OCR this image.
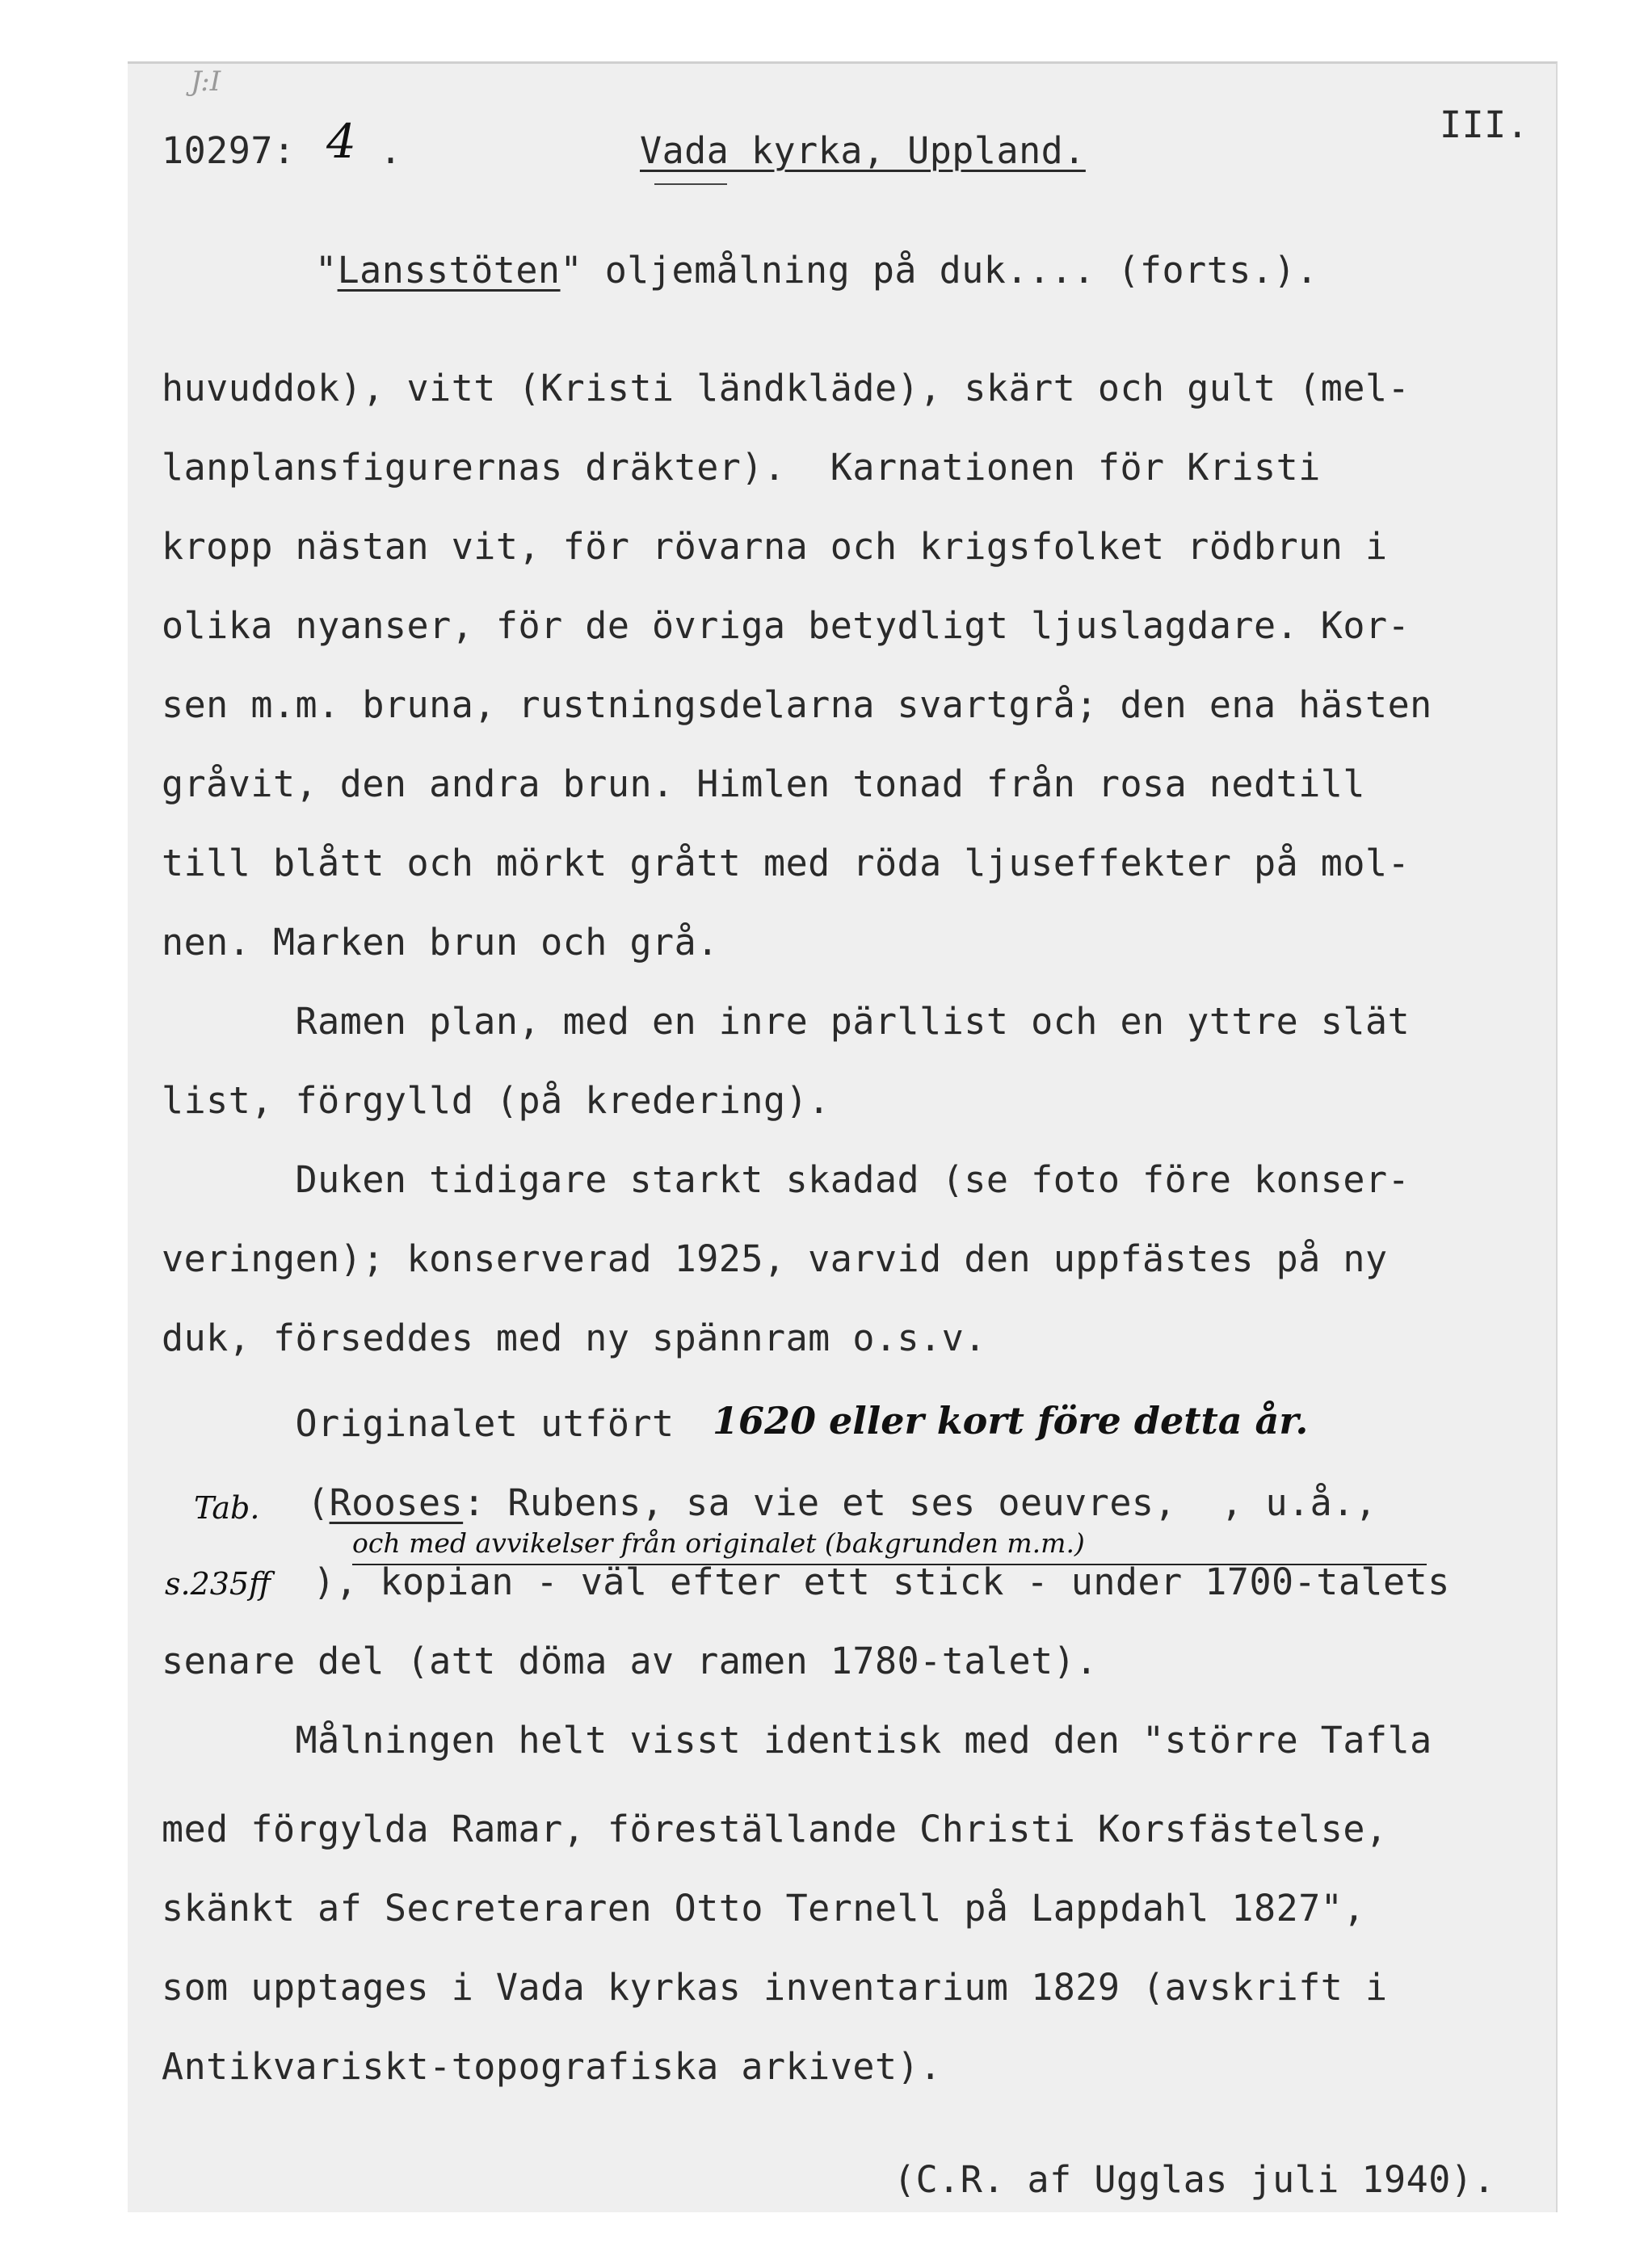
J:I
10297: 4 .	Vada kyrka, Uppland.
III.
"Lansstöten" oljemålning på duk.... (forts.).
huvuddok), vitt (Kristi ländkläde), skärt och gult (mel-
lanplansfigurernas dräkter).  Karnationen för Kristi
kropp nästan vit, för rövarna och krigsfolket rödbrun i
olika nyanser, för de övriga betydligt ljuslagdare. Kor-
sen m.m. bruna, rustningsdelarna svartgrå; den ena hästen
gråvit, den andra brun. Himlen tonad från rosa nedtill
till blått och mörkt grått med röda ljuseffekter på mol-
nen. Marken brun och grå.
Ramen plan, med en inre pärllist och en yttre slät
list, förgylld (på kredering).
Duken tidigare starkt skadad (se foto före konser-
veringen); konserverad 1925, varvid den uppfästes på ny
duk, förseddes med ny spännram o.s.v.
Originalet utfört 1620 eller kort före detta år.
Tab. (Rooses: Rubens, sa vie et ses oeuvres,  , u.å.,
och med avvikelser från originalet (bakgrunden m.m.)
s.235ff ), kopian - väl efter ett stick - under 1700-talets
senare del (att döma av ramen 1780-talet).
Målningen helt visst identisk med den "större Tafla
med förgylda Ramar, föreställande Christi Korsfästelse,
skänkt af Secreteraren Otto Ternell på Lappdahl 1827",
som upptages i Vada kyrkas inventarium 1829 (avskrift i
Antikvariskt-topografiska arkivet).
(C.R. af Ugglas juli 1940).
